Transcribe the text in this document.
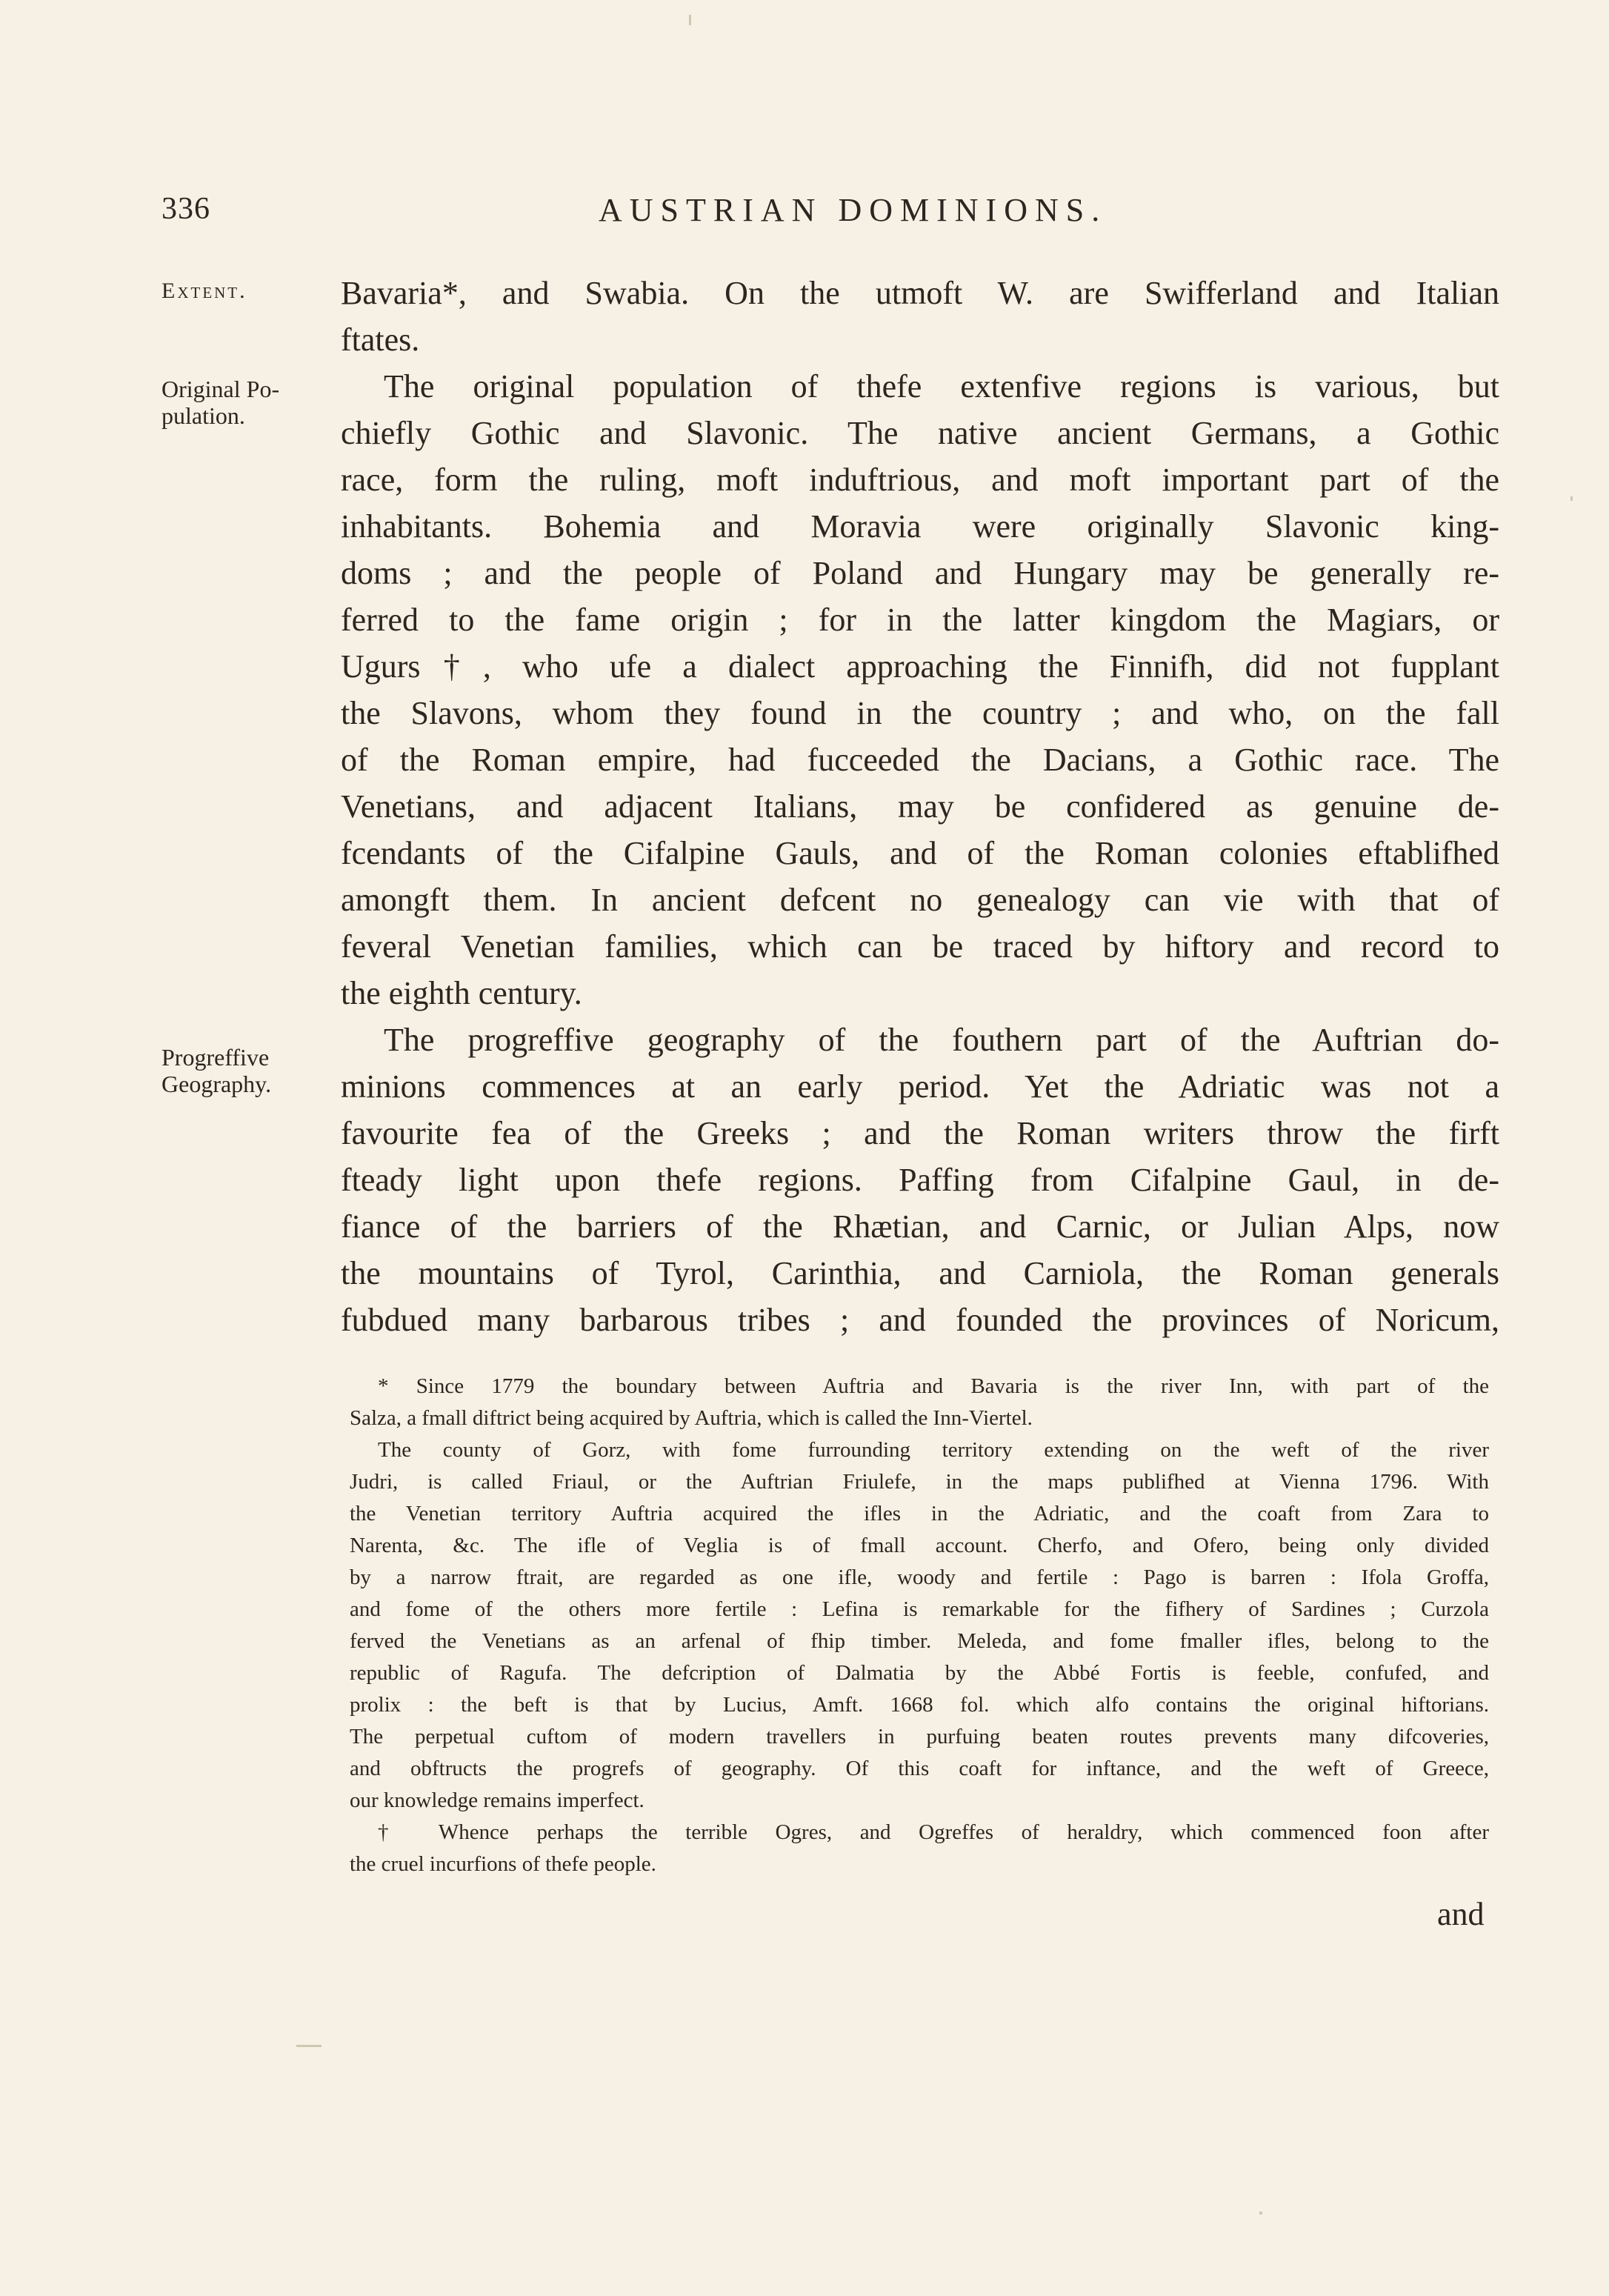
336	AUSTRIAN DOMINIONS.
Extent.
Original Po-
pulation.
Progreffive
Geography.
Bavaria*, and Swabia. On the utmoft W. are Swifferland and Italian
ftates.
The original population of thefe extenfive regions is various, but
chiefly Gothic and Slavonic. The native ancient Germans, a Gothic
race, form the ruling, moft induftrious, and moft important part of the
inhabitants. Bohemia and Moravia were originally Slavonic king-
doms ; and the people of Poland and Hungary may be generally re-
ferred to the fame origin ; for in the latter kingdom the Magiars, or
Ugurs†, who ufe a dialect approaching the Finnifh, did not fupplant
the Slavons, whom they found in the country ; and who, on the fall
of the Roman empire, had fucceeded the Dacians, a Gothic race. The
Venetians, and adjacent Italians, may be confidered as genuine de-
fcendants of the Cifalpine Gauls, and of the Roman colonies eftablifhed
amongft them. In ancient defcent no genealogy can vie with that of
feveral Venetian families, which can be traced by hiftory and record to
the eighth century.
The progreffive geography of the fouthern part of the Auftrian do-
minions commences at an early period. Yet the Adriatic was not a
favourite fea of the Greeks ; and the Roman writers throw the firft
fteady light upon thefe regions. Paffing from Cifalpine Gaul, in de-
fiance of the barriers of the Rhætian, and Carnic, or Julian Alps, now
the mountains of Tyrol, Carinthia, and Carniola, the Roman generals
fubdued many barbarous tribes ; and founded the provinces of Noricum,
* Since 1779 the boundary between Auftria and Bavaria is the river Inn, with part of the
Salza, a fmall diftrict being acquired by Auftria, which is called the Inn-Viertel.
The county of Gorz, with fome furrounding territory extending on the weft of the river
Judri, is called Friaul, or the Auftrian Friulefe, in the maps publifhed at Vienna 1796. With
the Venetian territory Auftria acquired the ifles in the Adriatic, and the coaft from Zara to
Narenta, &c. The ifle of Veglia is of fmall account. Cherfo, and Ofero, being only divided
by a narrow ftrait, are regarded as one ifle, woody and fertile : Pago is barren : Ifola Groffa,
and fome of the others more fertile : Lefina is remarkable for the fifhery of Sardines ; Curzola
ferved the Venetians as an arfenal of fhip timber. Meleda, and fome fmaller ifles, belong to the
republic of Ragufa. The defcription of Dalmatia by the Abbé Fortis is feeble, confufed, and
prolix : the beft is that by Lucius, Amft. 1668 fol. which alfo contains the original hiftorians.
The perpetual cuftom of modern travellers in purfuing beaten routes prevents many difcoveries,
and obftructs the progrefs of geography. Of this coaft for inftance, and the weft of Greece,
our knowledge remains imperfect.
† Whence perhaps the terrible Ogres, and Ogreffes of heraldry, which commenced foon after
the cruel incurfions of thefe people.
and
